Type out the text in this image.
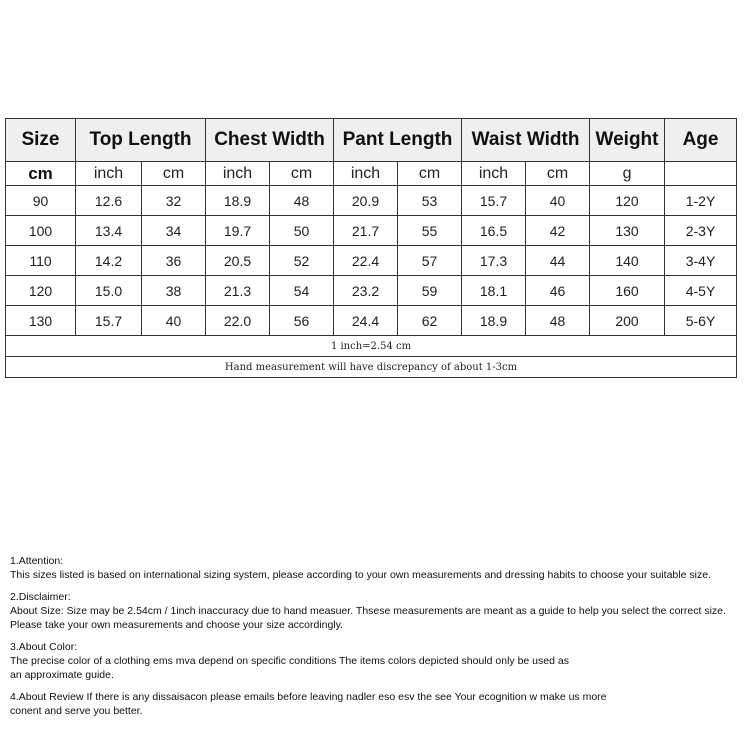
Size	Top Length		Chest Width		Pant Length		Waist Width		Weight	Age
cm	inch	cm	inch	cm	inch	cm	inch	cm	g	
90	12.6	32	18.9	48	20.9	53	15.7	40	120	1-2Y
100	13.4	34	19.7	50	21.7	55	16.5	42	130	2-3Y
110	14.2	36	20.5	52	22.4	57	17.3	44	140	3-4Y
120	15.0	38	21.3	54	23.2	59	18.1	46	160	4-5Y
130	15.7	40	22.0	56	24.4	62	18.9	48	200	5-6Y
1 inch=2.54 cm										
Hand measurement will have discrepancy of about 1-3cm										

1.Attention:

This sizes listed is based on international sizing system, please according to your own measurements and dressing habits to choose your suitable size.

2.Disclaimer:

About Size: Size may be 2.54cm / 1inch inaccuracy due to hand measuer. Thsese measurements are meant as a guide to help you select the correct size.

Please take your own measurements and choose your size accordingly.

3.About Color:

The precise color of a clothing ems mva depend on specific conditions The items colors depicted should only be used as

an approximate guide.

4.About Review If there is any dissaisacon please emails before leaving nadler eso esv the see Your ecognition w make us more

conent and serve you better.
